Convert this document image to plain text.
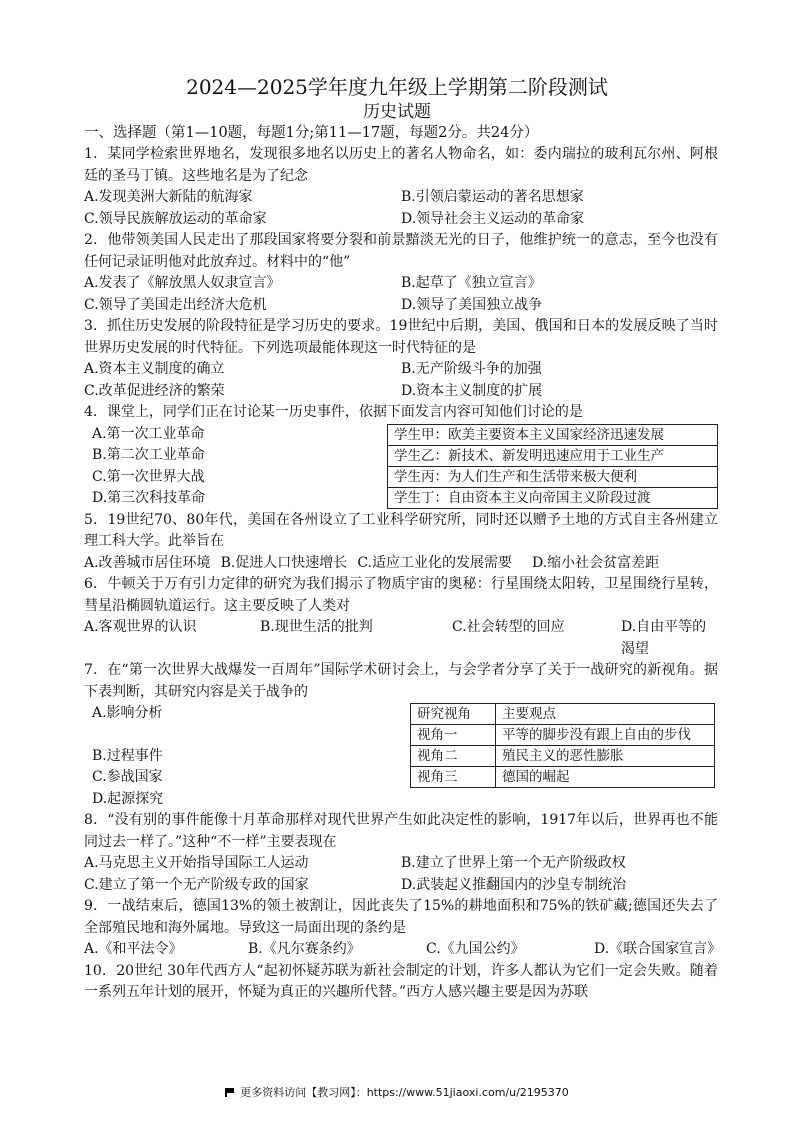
2024—2025学年度九年级上学期第二阶段测试
历史试题
一、选择题（第1—10题，每题1分;第11—17题，每题2分。共24分）

1．某同学检索世界地名，发现很多地名以历史上的著名人物命名，如：委内瑞拉的玻利瓦尔州、阿根廷的圣马丁镇。这些地名是为了纪念

A.发现美洲大新陆的航海家	B.引领启蒙运动的著名思想家
C.领导民族解放运动的革命家	D.领导社会主义运动的革命家

2．他带领美国人民走出了那段国家将要分裂和前景黯淡无光的日子，他维护统一的意志，至今也没有任何记录证明他对此放弃过。材料中的“他”

A.发表了《解放黑人奴隶宣言》	B.起草了《独立宣言》
C.领导了美国走出经济大危机	D.领导了美国独立战争

3．抓住历史发展的阶段特征是学习历史的要求。19世纪中后期，美国、俄国和日本的发展反映了当时世界历史发展的时代特征。下列选项最能体现这一时代特征的是

A.资本主义制度的确立	B.无产阶级斗争的加强
C.改革促进经济的繁荣	D.资本主义制度的扩展

4．课堂上，同学们正在讨论某一历史事件，依据下面发言内容可知他们讨论的是

A.第一次工业革命
B.第二次工业革命
C.第一次世界大战
D.第三次科技革命
学生甲：欧美主要资本主义国家经济迅速发展
学生乙：新技术、新发明迅速应用于工业生产
学生丙：为人们生产和生活带来极大便利
学生丁：自由资本主义向帝国主义阶段过渡

5．19世纪70、80年代，美国在各州设立了工业科学研究所，同时还以赠予土地的方式自主各州建立理工科大学。此举旨在

A.改善城市居住环境 B.促进人口快速增长 C.适应工业化的发展需要 D.缩小社会贫富差距

6．牛顿关于万有引力定律的研究为我们揭示了物质宇宙的奥秘：行星围绕太阳转，卫星围绕行星转，彗星沿椭圆轨道运行。这主要反映了人类对

A.客观世界的认识	B.现世生活的批判	C.社会转型的回应	D.自由平等的渴望

7．在“第一次世界大战爆发一百周年”国际学术研讨会上，与会学者分享了关于一战研究的新视角。据下表判断，其研究内容是关于战争的

A.影响分析
B.过程事件
C.参战国家
D.起源探究
研究视角	主要观点
视角一	平等的脚步没有跟上自由的步伐
视角二	殖民主义的恶性膨胀
视角三	德国的崛起

8．“没有别的事件能像十月革命那样对现代世界产生如此决定性的影响，1917年以后，世界再也不能同过去一样了。”这种“不一样”主要表现在

A.马克思主义开始指导国际工人运动	B.建立了世界上第一个无产阶级政权
C.建立了第一个无产阶级专政的国家	D.武装起义推翻国内的沙皇专制统治

9．一战结束后，德国13%的领土被割让，因此丧失了15%的耕地面积和75%的铁矿藏;德国还失去了全部殖民地和海外属地。导致这一局面出现的条约是

A.《和平法令》	B.《凡尔赛条约》	C.《九国公约》	D.《联合国家宣言》

10．20世纪 30年代西方人“起初怀疑苏联为新社会制定的计划，许多人都认为它们一定会失败。随着一系列五年计划的展开，怀疑为真正的兴趣所代替。”西方人感兴趣主要是因为苏联

更多资料访问【教习网】：https://www.51jiaoxi.com/u/2195370
